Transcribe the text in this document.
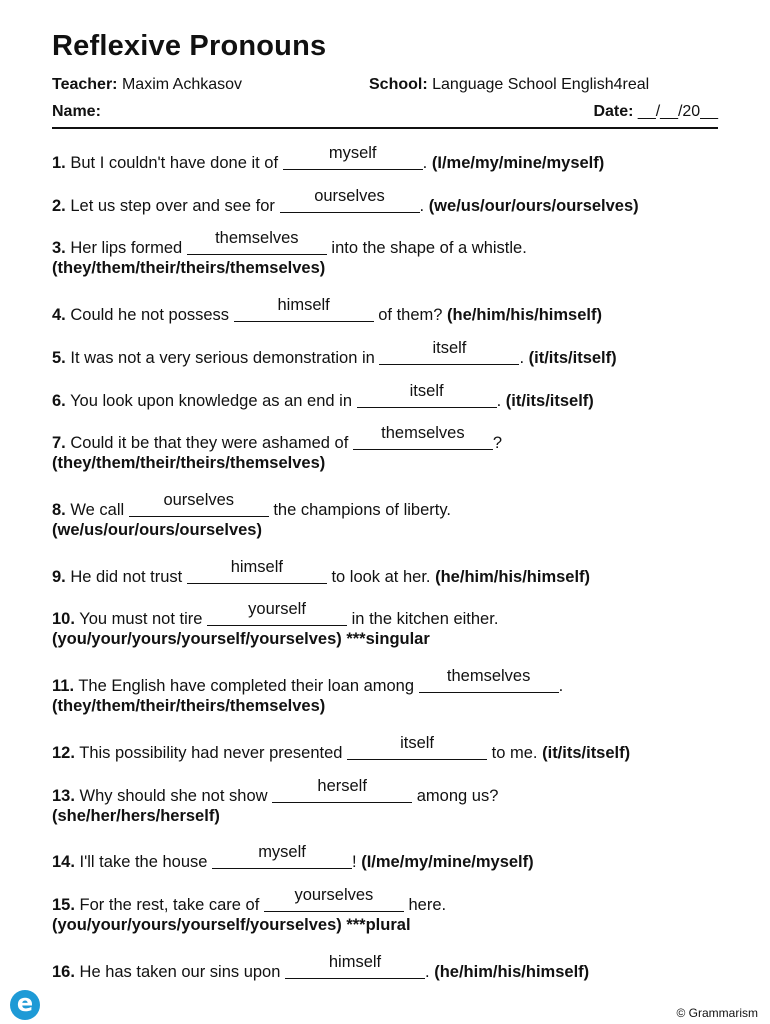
Reflexive Pronouns
Teacher: Maxim Achkasov	School: Language School English4real
Name:	Date: __/__/20__
1. But I couldn't have done it of
myself
. (I/me/my/mine/myself)
2. Let us step over and see for
ourselves
. (we/us/our/ours/ourselves)
3. Her lips formed
themselves
into the shape of a whistle.
(they/them/their/theirs/themselves)
4. Could he not possess
himself
of them? (he/him/his/himself)
5. It was not a very serious demonstration in
itself
. (it/its/itself)
6. You look upon knowledge as an end in
itself
. (it/its/itself)
7. Could it be that they were ashamed of
themselves
?
(they/them/their/theirs/themselves)
8. We call
ourselves
the champions of liberty.
(we/us/our/ours/ourselves)
9. He did not trust
himself
to look at her. (he/him/his/himself)
10. You must not tire
yourself
in the kitchen either.
(you/your/yours/yourself/yourselves) ***singular
11. The English have completed their loan among
themselves
.
(they/them/their/theirs/themselves)
12. This possibility had never presented
itself
to me. (it/its/itself)
13. Why should she not show
herself
among us?
(she/her/hers/herself)
14. I'll take the house
myself
! (I/me/my/mine/myself)
15. For the rest, take care of
yourselves
here.
(you/your/yours/yourself/yourselves) ***plural
16. He has taken our sins upon
himself
. (he/him/his/himself)
e	© Grammarism
